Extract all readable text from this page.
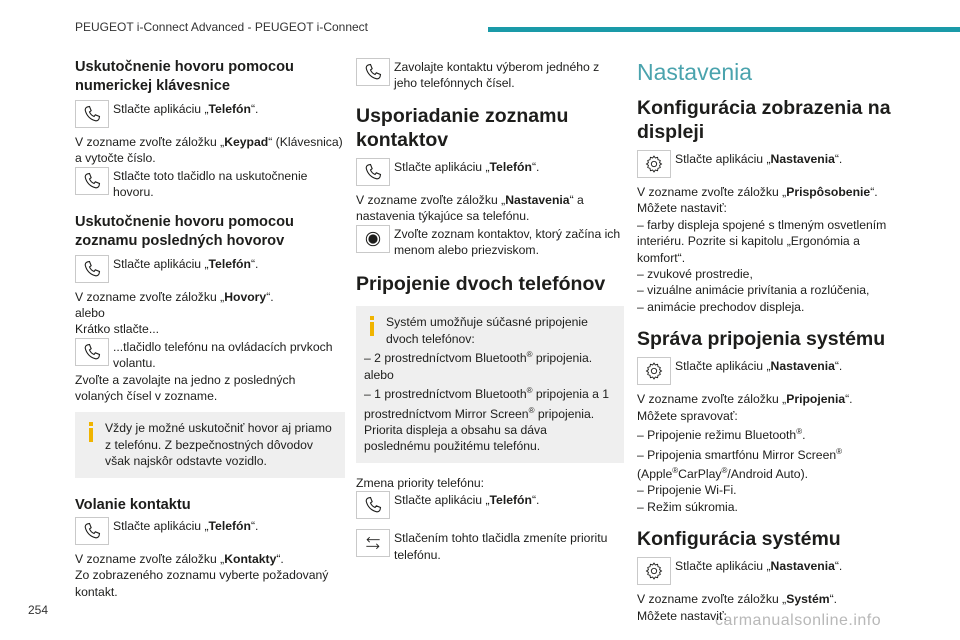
PEUGEOT i-Connect Advanced - PEUGEOT i-Connect
254
carmanualsonline.info

Uskutočnenie hovoru pomocou numerickej klávesnice

Stlačte aplikáciu „Telefón“.

V zozname zvoľte záložku „Keypad“ (Klávesnica) a vytočte číslo.

Stlačte toto tlačidlo na uskutočnenie hovoru.

Uskutočnenie hovoru pomocou zoznamu posledných hovorov

Stlačte aplikáciu „Telefón“.

V zozname zvoľte záložku „Hovory“.

alebo

Krátko stlačte...

...tlačidlo telefónu na ovládacích prvkoch volantu.

Zvoľte a zavolajte na jedno z posledných volaných čísel v zozname.

Vždy je možné uskutočniť hovor aj priamo z telefónu. Z bezpečnostných dôvodov však najskôr odstavte vozidlo.

Volanie kontaktu

Stlačte aplikáciu „Telefón“.

V zozname zvoľte záložku „Kontakty“.

Zo zobrazeného zoznamu vyberte požadovaný kontakt.

Zavolajte kontaktu výberom jedného z jeho telefónnych čísel.

Usporiadanie zoznamu kontaktov

Stlačte aplikáciu „Telefón“.

V zozname zvoľte záložku „Nastavenia“ a nastavenia týkajúce sa telefónu.

Zvoľte zoznam kontaktov, ktorý začína ich menom alebo priezviskom.

Pripojenie dvoch telefónov

Systém umožňuje súčasné pripojenie dvoch telefónov:

– 2 prostredníctvom Bluetooth® pripojenia.

alebo

– 1 prostredníctvom Bluetooth® pripojenia a 1 prostredníctvom Mirror Screen® pripojenia.

Priorita displeja a obsahu sa dáva poslednému použitému telefónu.

Zmena priority telefónu:

Stlačte aplikáciu „Telefón“.

Stlačením tohto tlačidla zmeníte prioritu telefónu.

Nastavenia

Konfigurácia zobrazenia na displeji

Stlačte aplikáciu „Nastavenia“.

V zozname zvoľte záložku „Prispôsobenie“.

Môžete nastaviť:

– farby displeja spojené s tlmeným osvetlením interiéru. Pozrite si kapitolu „Ergonómia a komfort“.

– zvukové prostredie,

– vizuálne animácie privítania a rozlúčenia,

– animácie prechodov displeja.

Správa pripojenia systému

Stlačte aplikáciu „Nastavenia“.

V zozname zvoľte záložku „Pripojenia“.

Môžete spravovať:

– Pripojenie režimu Bluetooth®.

– Pripojenia smartfónu Mirror Screen®

(Apple®CarPlay®/Android Auto).

– Pripojenie Wi-Fi.

– Režim súkromia.

Konfigurácia systému

Stlačte aplikáciu „Nastavenia“.

V zozname zvoľte záložku „Systém“.

Môžete nastaviť:
